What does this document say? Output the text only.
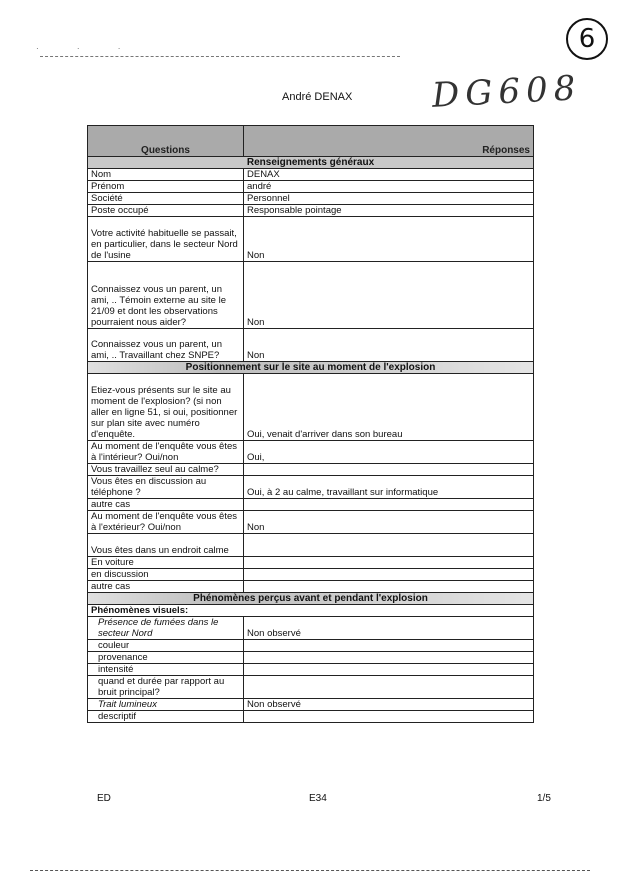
· · ·	6
DG608
André DENAX
Questions	Réponses
Renseignements généraux	
Nom	DENAX
Prénom	andré
Société	Personnel
Poste occupé	Responsable pointage
Votre activité habituelle se passait, en particulier, dans le secteur Nord de l'usine	Non
Connaissez vous un parent, un ami, .. Témoin externe au site le 21/09 et dont les observations pourraient nous aider?	Non
Connaissez vous un parent, un ami, .. Travaillant chez SNPE?	Non
Positionnement sur le site au moment de l'explosion	
Etiez-vous présents sur le site au moment de l'explosion? (si non aller en ligne 51, si oui, positionner sur plan site avec numéro d'enquête.	Oui, venait d'arriver dans son bureau
Au moment de l'enquête vous êtes à l'intérieur? Oui/non	Oui,
Vous travaillez seul au calme?	
Vous êtes en discussion au téléphone ?	Oui, à 2 au calme, travaillant sur informatique
autre cas	
Au moment de l'enquête vous êtes à l'extérieur? Oui/non	Non
Vous êtes dans un endroit calme	
En voiture	
en discussion	
autre cas	
Phénomènes perçus avant et pendant l'explosion	
Phénomènes visuels:	
Présence de fumées dans le secteur Nord	Non observé
couleur	
provenance	
intensité	
quand et durée par rapport au bruit principal?	
Trait lumineux	Non observé
descriptif	
ED	E34	1/5
